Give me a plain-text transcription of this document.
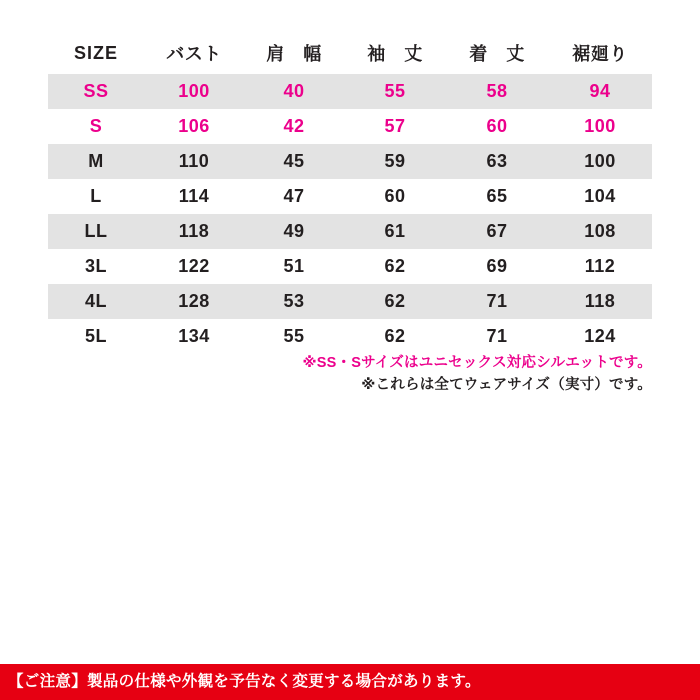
SIZE	バスト	肩　幅	袖　丈	着　丈	裾廻り
SS	100	40	55	58	94
S	106	42	57	60	100
M	110	45	59	63	100
L	114	47	60	65	104
LL	118	49	61	67	108
3L	122	51	62	69	112
4L	128	53	62	71	118
5L	134	55	62	71	124
※SS・Sサイズはユニセックス対応シルエットです。
※これらは全てウェアサイズ（実寸）です。
【ご注意】製品の仕様や外観を予告なく変更する場合があります。
